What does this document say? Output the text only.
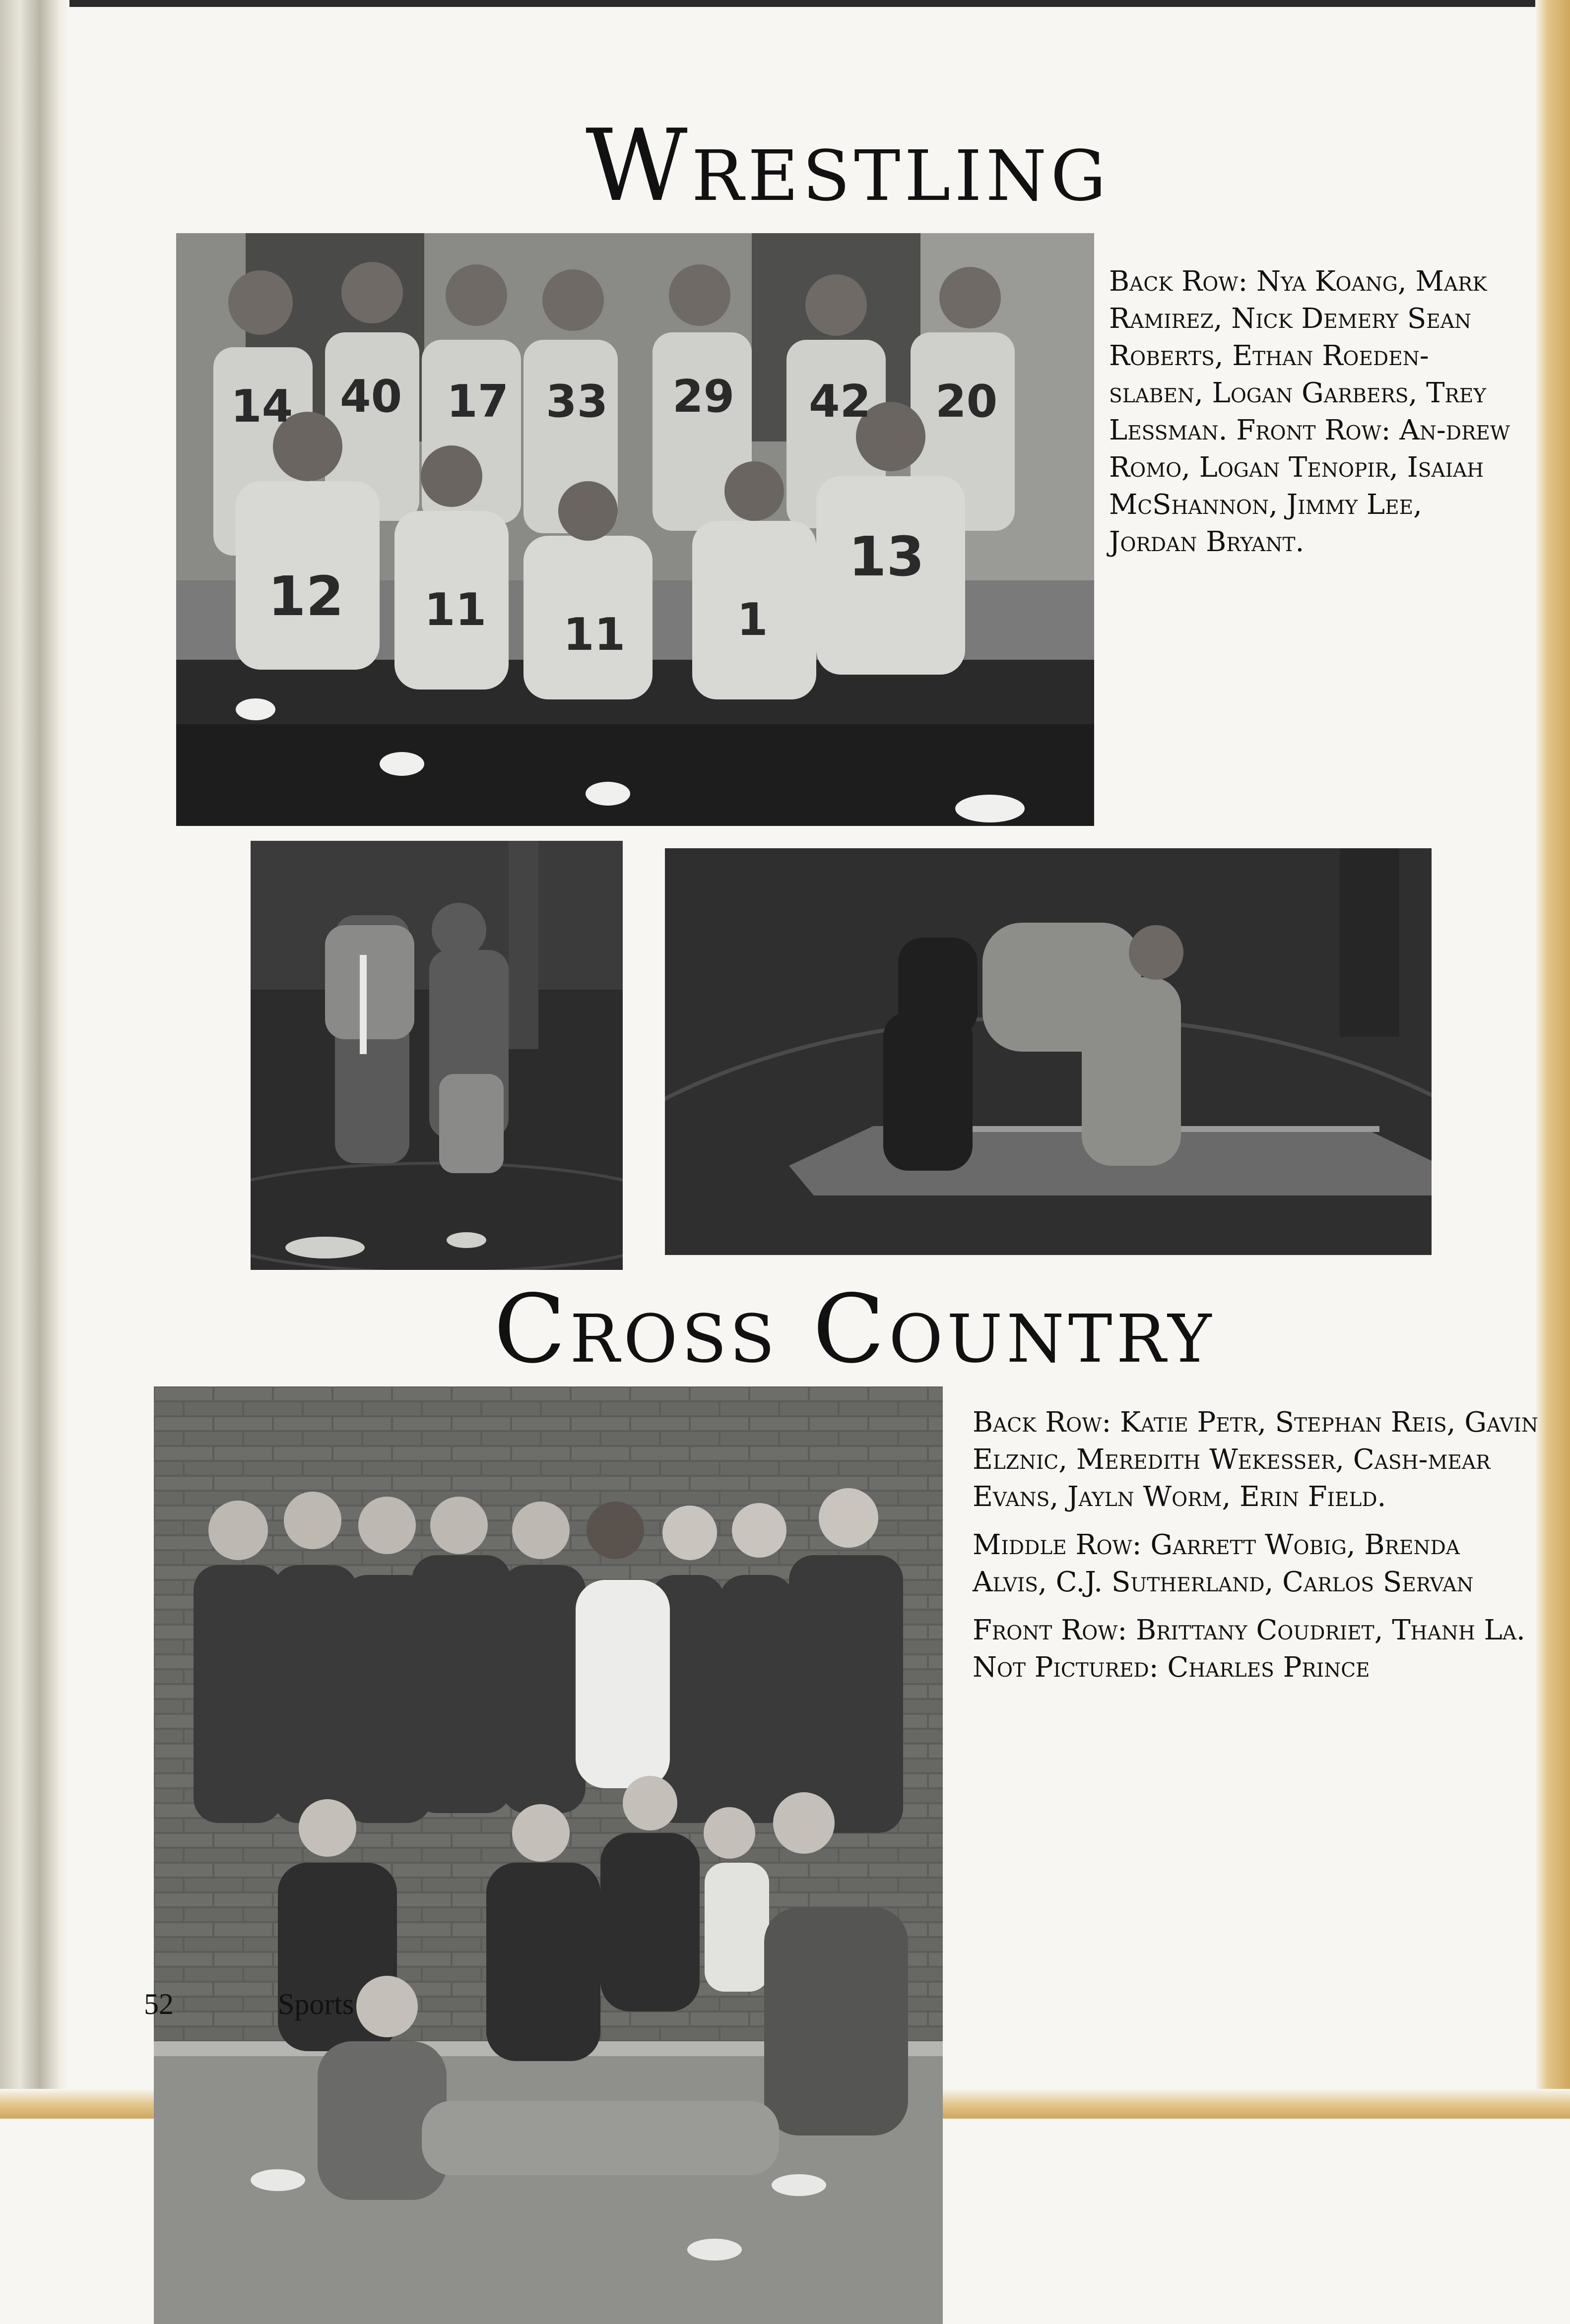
Wrestling
14 40 17 33 29 42 20
12 11 11 1
13

Back Row: Nya Koang, Mark Ramirez, Nick Demery Sean Roberts, Ethan Roeden-slaben, Logan Garbers, Trey Lessman. Front Row: An-drew Romo, Logan Tenopir, Isaiah McShannon, Jimmy Lee, Jordan Bryant.

Cross Country

Back Row: Katie Petr, Stephan Reis, Gavin Elznic, Meredith Wekesser, Cash-mear Evans, Jayln Worm, Erin Field.

Middle Row: Garrett Wobig, Brenda Alvis, C.J. Sutherland, Carlos Servan

Front Row: Brittany Coudriet, Thanh La. Not Pictured: Charles Prince

52	Sports
